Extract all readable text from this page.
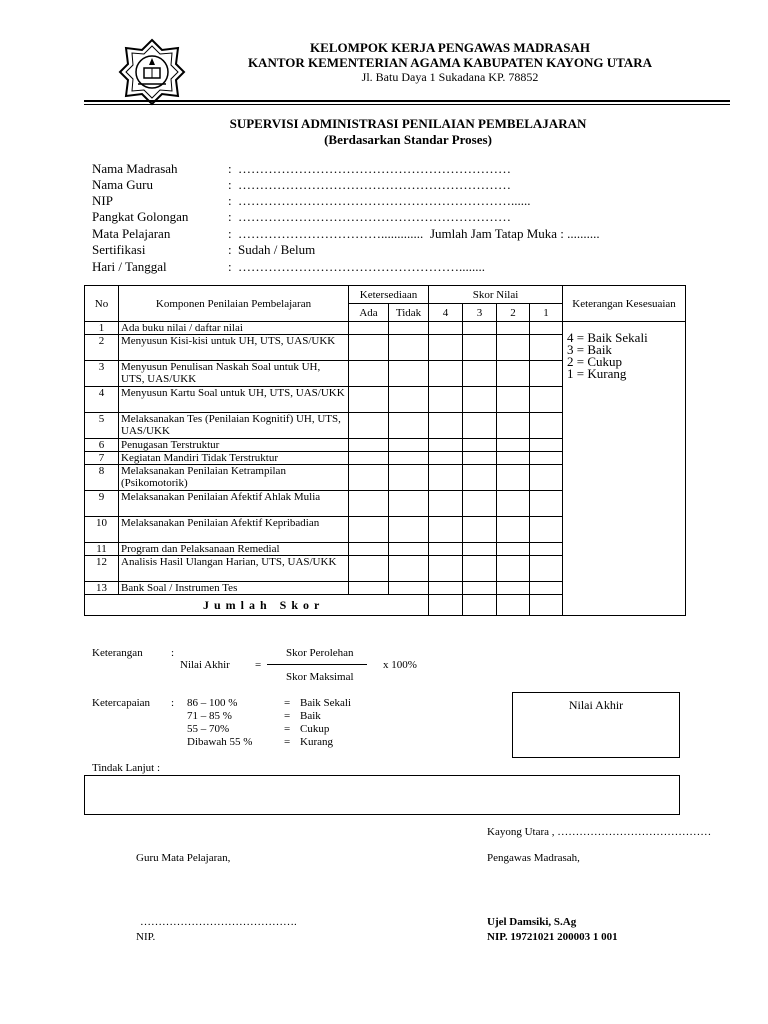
KELOMPOK KERJA PENGAWAS MADRASAH
KANTOR KEMENTERIAN AGAMA KABUPATEN KAYONG UTARA
Jl. Batu Daya 1 Sukadana KP. 78852
SUPERVISI ADMINISTRASI PENILAIAN PEMBELAJARAN
(Berdasarkan Standar Proses)
Nama Madrasah	: ………………………………………………………
Nama Guru	: ………………………………………………………
NIP	: ………………………………………………………......
Pangkat Golongan	: ………………………………………………………
Mata Pelajaran	: ……………………………............. Jumlah Jam Tatap Muka : ..........
Sertifikasi	: Sudah / Belum
Hari / Tanggal	: ……………………………………………........
No	Komponen Penilaian Pembelajaran	Ketersediaan		Skor Nilai				Keterangan Kesesuaian
		Ada	Tidak	4	3	2	1	
1	Ada buku nilai / daftar nilai							4 = Baik Sekali
3 = Baik
2 = Cukup
1 = Kurang

2	Menyusun Kisi-kisi untuk UH, UTS, UAS/UKK							
3	Menyusun Penulisan Naskah Soal untuk UH, UTS, UAS/UKK							
4	Menyusun Kartu Soal untuk UH, UTS, UAS/UKK							
5	Melaksanakan Tes (Penilaian Kognitif) UH, UTS, UAS/UKK							
6	Penugasan Terstruktur							
7	Kegiatan Mandiri Tidak Terstruktur							
8	Melaksanakan Penilaian Ketrampilan (Psikomotorik)							
9	Melaksanakan Penilaian Afektif Ahlak Mulia							
10	Melaksanakan Penilaian Afektif Kepribadian							
11	Program dan Pelaksanaan Remedial							
12	Analisis Hasil Ulangan Harian, UTS, UAS/UKK							
13	Bank Soal / Instrumen Tes							
J u m l a h   S k o r								
Keterangan	:
Nilai Akhir =
Skor Perolehan
Skor Maksimal
x 100%
Ketercapaian : 86 – 100 %	= Baik Sekali
71 – 85 %	= Baik
55 – 70%	= Cukup
Dibawah 55 %	= Kurang
Nilai Akhir
Tindak Lanjut :
Kayong Utara , ……………………………………
Guru Mata Pelajaran,	Pengawas Madrasah,
…………………………………….
NIP.
Ujel Damsiki, S.Ag
NIP. 19721021 200003 1 001
